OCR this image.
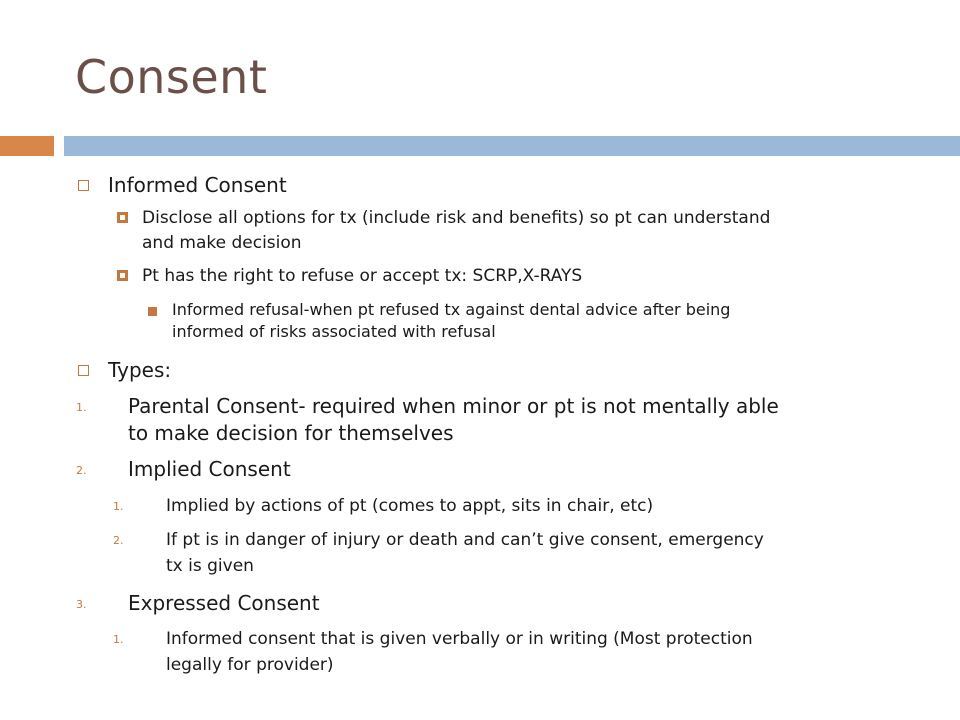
Consent

Informed Consent

Disclose all options for tx (include risk and benefits) so pt can understand

and make decision

Pt has the right to refuse or accept tx: SCRP,X-RAYS

Informed refusal-when pt refused tx against dental advice after being

informed of risks associated with refusal

Types:

1. Parental Consent- required when minor or pt is not mentally able

to make decision for themselves

2. Implied Consent

1.	Implied by actions of pt (comes to appt, sits in chair, etc)

2.	If pt is in danger of injury or death and can’t give consent, emergency

tx is given

3. Expressed Consent

1.	Informed consent that is given verbally or in writing (Most protection

legally for provider)
